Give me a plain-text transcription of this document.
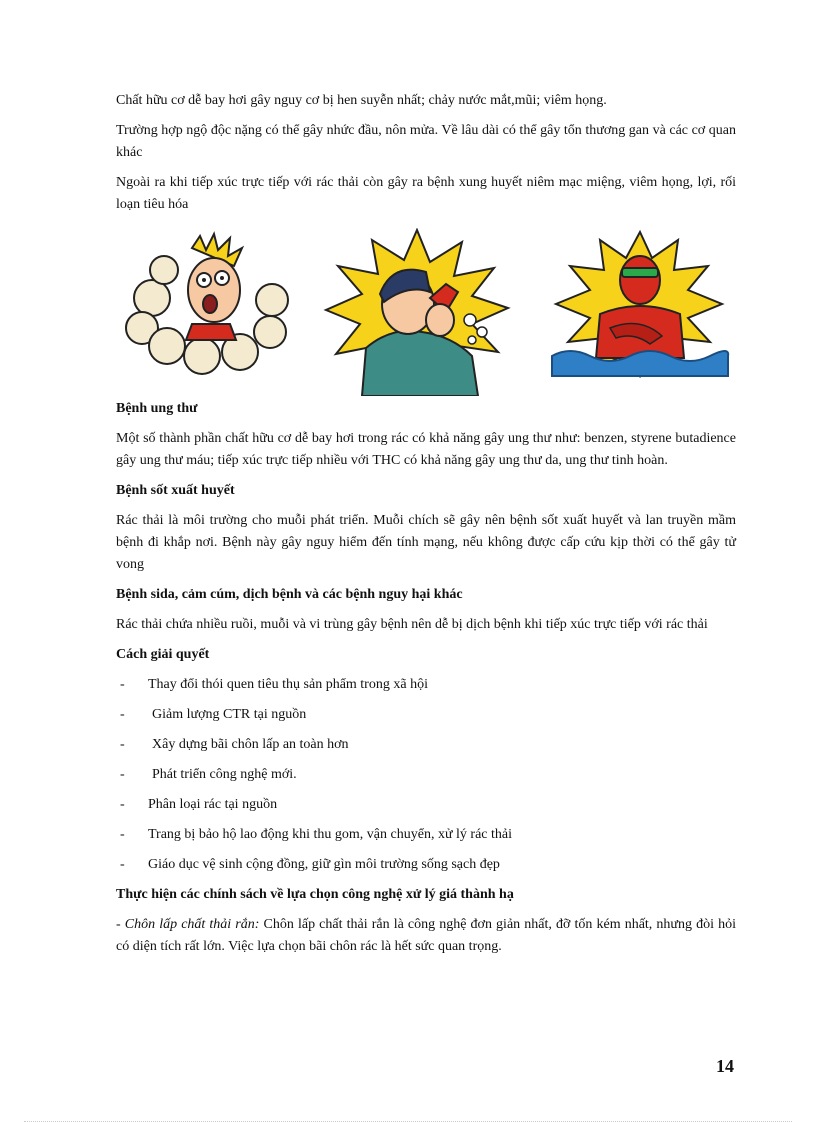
Chất hữu cơ dễ bay hơi gây nguy cơ bị hen suyễn nhất; chảy nước mắt,mũi; viêm họng.

Trường hợp ngộ độc nặng có thể gây nhức đầu, nôn mửa. Về lâu dài có thể gây tổn thương gan và các cơ quan khác

Ngoài ra khi tiếp xúc trực tiếp với rác thải còn gây ra bệnh xung huyết niêm mạc miệng, viêm họng, lợi, rối loạn tiêu hóa

Bệnh ung thư

Một số thành phần chất hữu cơ dễ bay hơi trong rác có khả năng gây ung thư như: benzen, styrene butadience gây ung thư máu; tiếp xúc trực tiếp nhiều với THC có khả năng gây ung thư da, ung thư tinh hoàn.

Bệnh sốt xuất huyết

Rác thải là môi trường cho muỗi phát triển. Muỗi chích sẽ gây nên bệnh sốt xuất huyết và lan truyền mầm bệnh đi khắp nơi. Bệnh này gây nguy hiểm đến tính mạng, nếu không được cấp cứu kịp thời có thể gây tử vong

Bệnh sida, cảm cúm, dịch bệnh và các bệnh nguy hại khác

Rác thải chứa nhiều ruồi, muỗi và vi trùng gây bệnh nên dễ bị dịch bệnh khi tiếp xúc trực tiếp với rác thải

Cách giải quyết
- Thay đổi thói quen tiêu thụ sản phẩm trong xã hội
- Giảm lượng CTR tại nguồn
- Xây dựng bãi chôn lấp an toàn hơn
- Phát triển công nghệ mới.
- Phân loại rác tại nguồn
- Trang bị bảo hộ lao động khi thu gom, vận chuyển, xử lý rác thải
- Giáo dục vệ sinh cộng đồng, giữ gìn môi trường sống sạch đẹp
Thực hiện các chính sách về lựa chọn công nghệ xử lý giá thành hạ

- Chôn lấp chất thải rắn: Chôn lấp chất thải rắn là công nghệ đơn giản nhất, đỡ tốn kém nhất, nhưng đòi hỏi có diện tích rất lớn. Việc lựa chọn bãi chôn rác là hết sức quan trọng.

14
